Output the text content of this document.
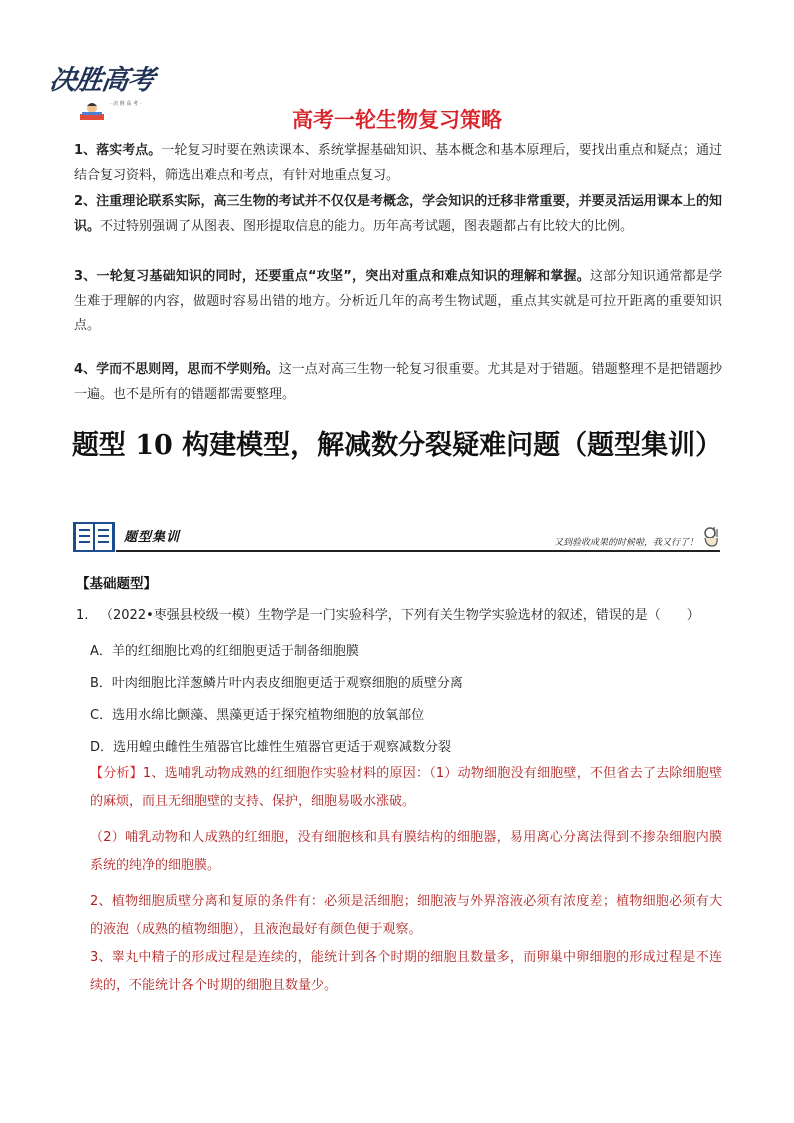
决胜高考
· 决 胜 高 考 ·
高考一轮生物复习策略
1、落实考点。一轮复习时要在熟读课本、系统掌握基础知识、基本概念和基本原理后，要找出重点和疑点；通过结合复习资料，筛选出难点和考点，有针对地重点复习。
2、注重理论联系实际，高三生物的考试并不仅仅是考概念，学会知识的迁移非常重要，并要灵活运用课本上的知识。不过特别强调了从图表、图形提取信息的能力。历年高考试题，图表题都占有比较大的比例。
3、一轮复习基础知识的同时，还要重点“攻坚”，突出对重点和难点知识的理解和掌握。这部分知识通常都是学生难于理解的内容，做题时容易出错的地方。分析近几年的高考生物试题，重点其实就是可拉开距离的重要知识点。
4、学而不思则罔，思而不学则殆。这一点对高三生物一轮复习很重要。尤其是对于错题。错题整理不是把错题抄一遍。也不是所有的错题都需要整理。
题型 10 构建模型，解减数分裂疑难问题（题型集训）
题型集训	又到验收成果的时候啦，我又行了！
【基础题型】
1. （2022•枣强县校级一模）生物学是一门实验科学，下列有关生物学实验选材的叙述，错误的是（　　）
A．羊的红细胞比鸡的红细胞更适于制备细胞膜
B．叶肉细胞比洋葱鳞片叶内表皮细胞更适于观察细胞的质壁分离
C．选用水绵比颤藻、黑藻更适于探究植物细胞的放氧部位
D．选用蝗虫雌性生殖器官比雄性生殖器官更适于观察减数分裂
【分析】1、选哺乳动物成熟的红细胞作实验材料的原因：（1）动物细胞没有细胞壁，不但省去了去除细胞壁的麻烦，而且无细胞壁的支持、保护，细胞易吸水涨破。
（2）哺乳动物和人成熟的红细胞，没有细胞核和具有膜结构的细胞器，易用离心分离法得到不掺杂细胞内膜系统的纯净的细胞膜。
2、植物细胞质壁分离和复原的条件有：必须是活细胞；细胞液与外界溶液必须有浓度差；植物细胞必须有大的液泡（成熟的植物细胞），且液泡最好有颜色便于观察。
3、睾丸中精子的形成过程是连续的，能统计到各个时期的细胞且数量多，而卵巢中卵细胞的形成过程是不连续的，不能统计各个时期的细胞且数量少。
